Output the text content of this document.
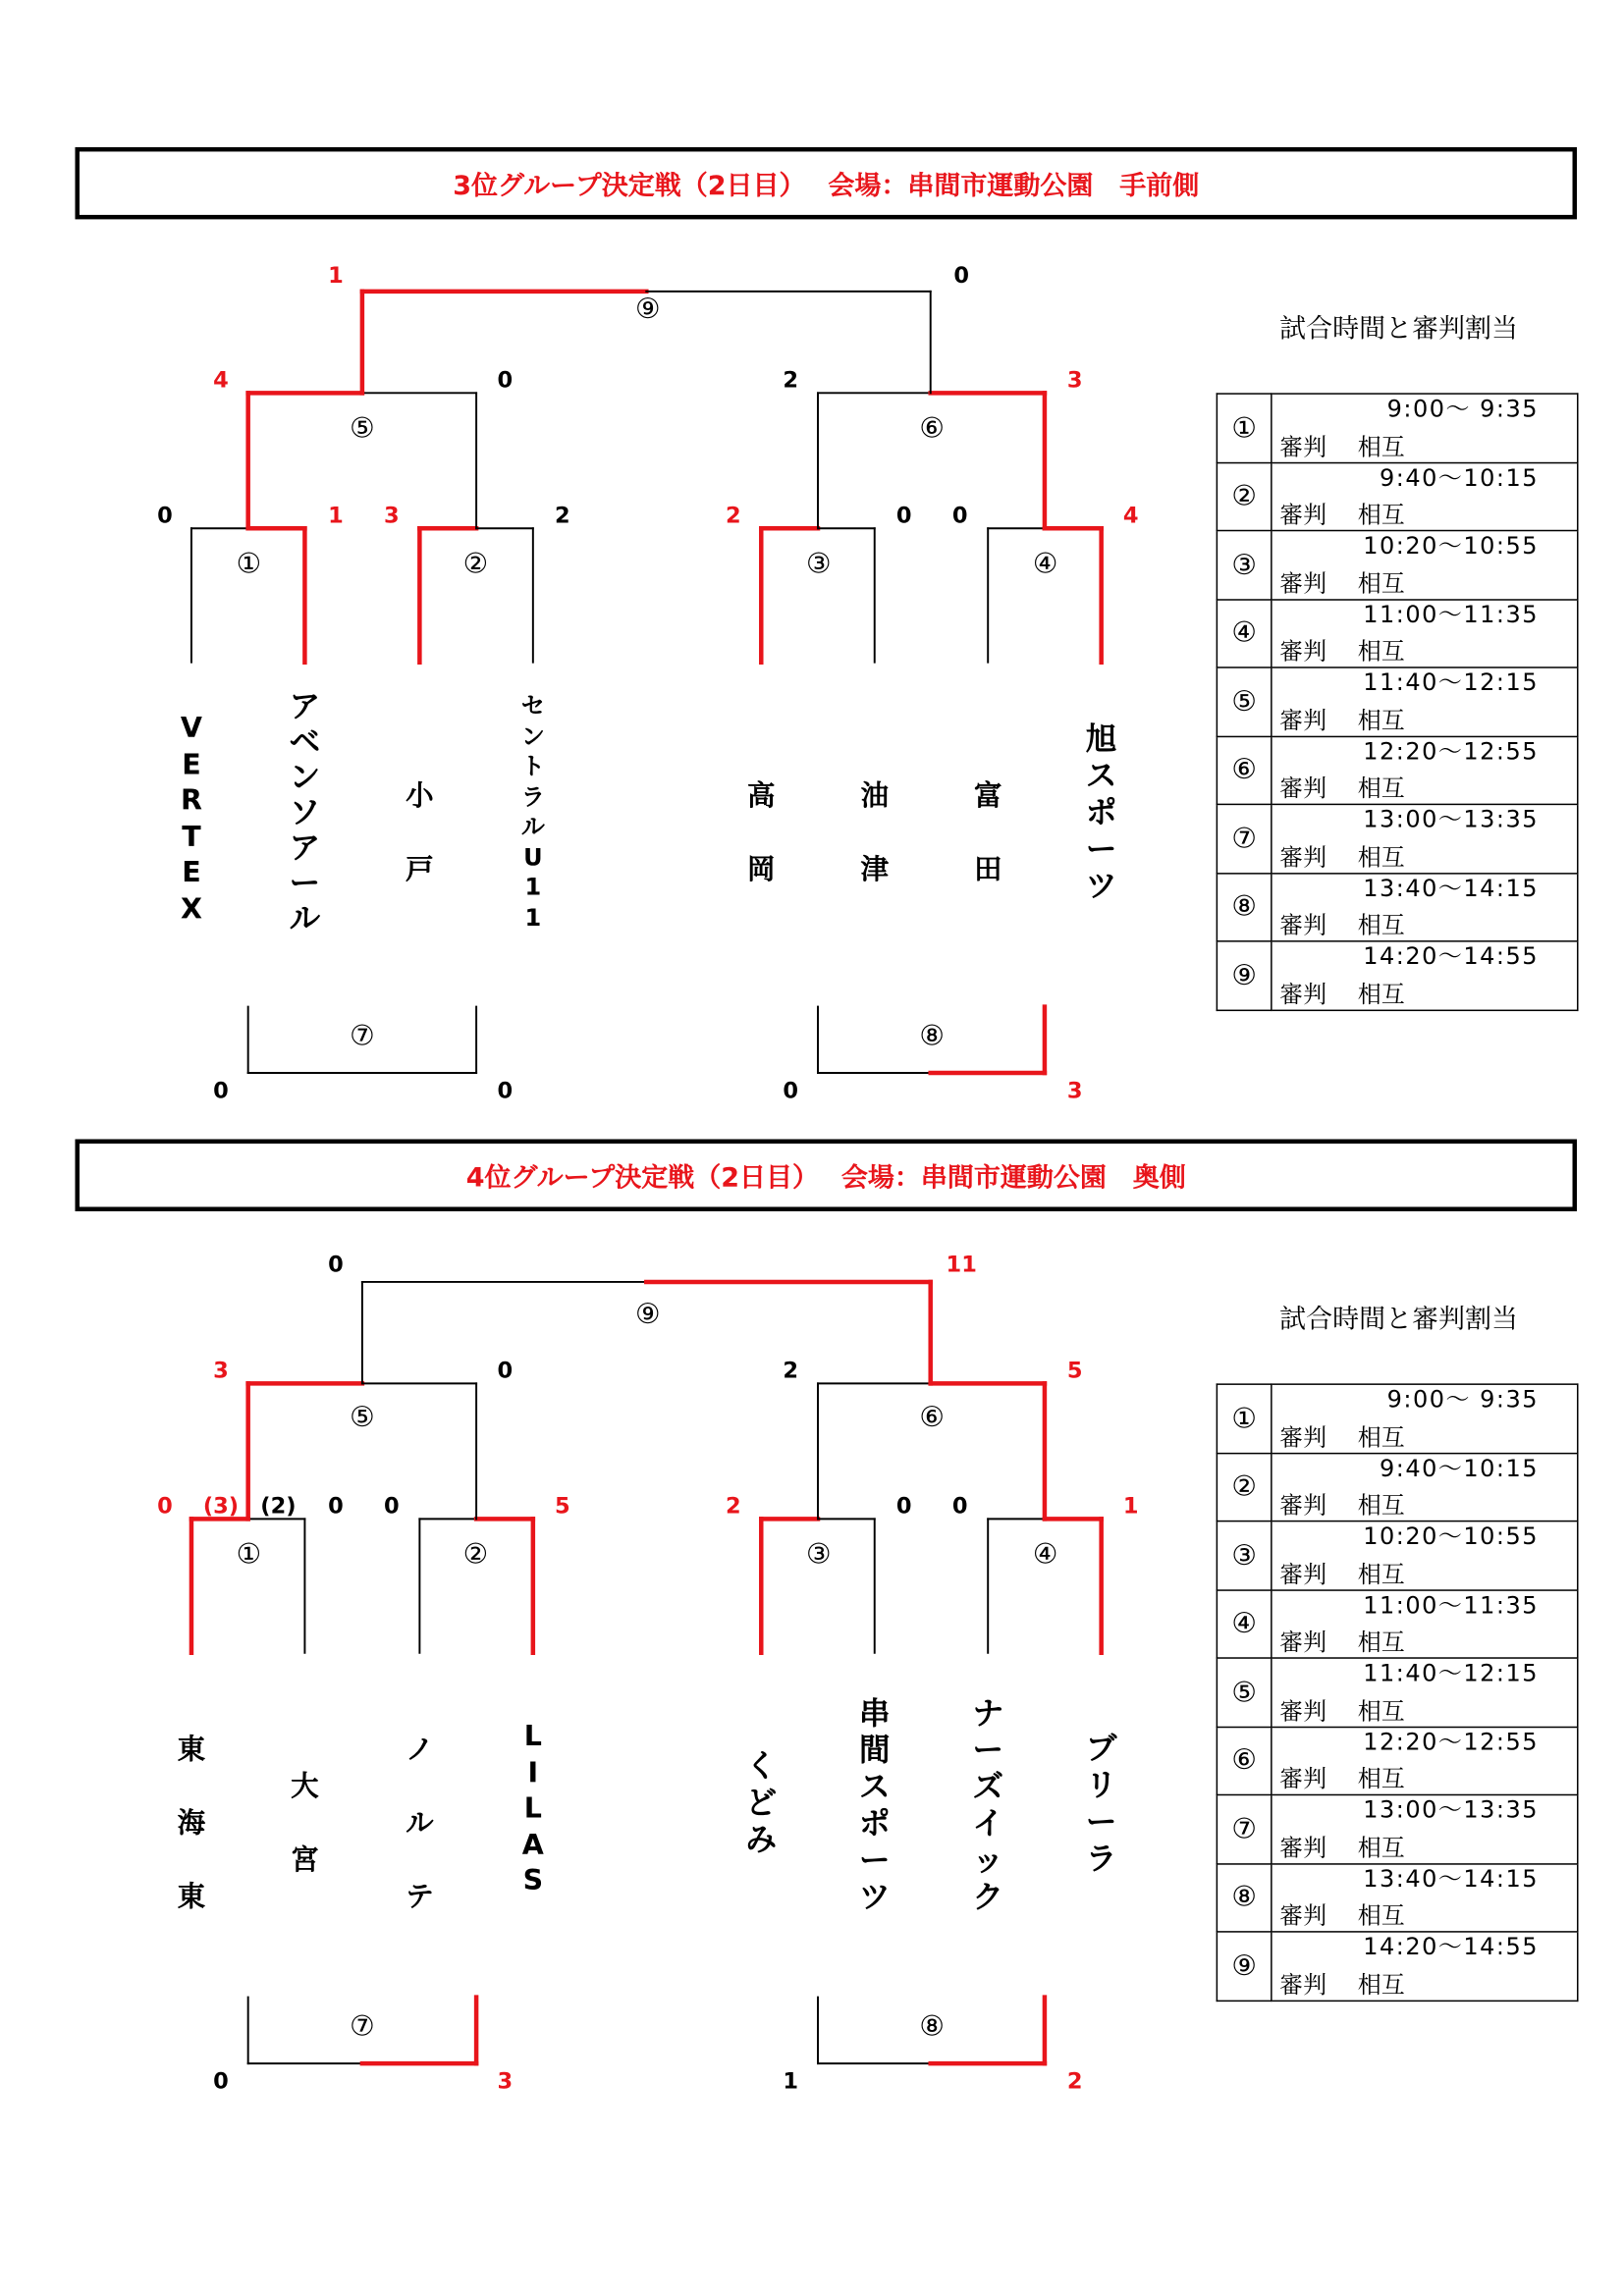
3位グループ決定戦（2日目）　 会場：串間市運動公園　手前側
①	②	③	④
⑤	⑥
⑦	⑧
⑨
0	1	3	2	2	0	0	4
4	0	2	3
0	0	0	3
1	0
V
E
R
T
E
X
ア
ベ
ン
ソ
ア
ー
ル
小
戸
セ
ン
ト
ラ
ル
U
1
1
高
岡
油
津
富
田
旭
ス
ポ
ー
ツ
試合時間と審判割当
①	9:00～ 9:35
審判　 相互

②	9:40～10:15
審判　 相互

③	10:20～10:55
審判　 相互

④	11:00～11:35
審判　 相互

⑤	11:40～12:15
審判　 相互

⑥	12:20～12:55
審判　 相互

⑦	13:00～13:35
審判　 相互

⑧	13:40～14:15
審判　 相互

⑨	14:20～14:55
審判　 相互
4位グループ決定戦（2日目）　 会場：串間市運動公園　奥側
①	②	③	④
⑤	⑥
⑦	⑧
⑨
0 (3) (2) 0	0	5	2	0	0	1
3	0	2	5
0	3	1	2
0	11
東
海
東
大
宮
ノ
ル
テ
L
I
L
A
S
く
ど
み
串
間
ス
ポ
ー
ツ
ナ
ー
ズ
イ
ッ
ク
ブ
リ
ー
ラ
試合時間と審判割当
①	9:00～ 9:35
審判　 相互

②	9:40～10:15
審判　 相互

③	10:20～10:55
審判　 相互

④	11:00～11:35
審判　 相互

⑤	11:40～12:15
審判　 相互

⑥	12:20～12:55
審判　 相互

⑦	13:00～13:35
審判　 相互

⑧	13:40～14:15
審判　 相互

⑨	14:20～14:55
審判　 相互
